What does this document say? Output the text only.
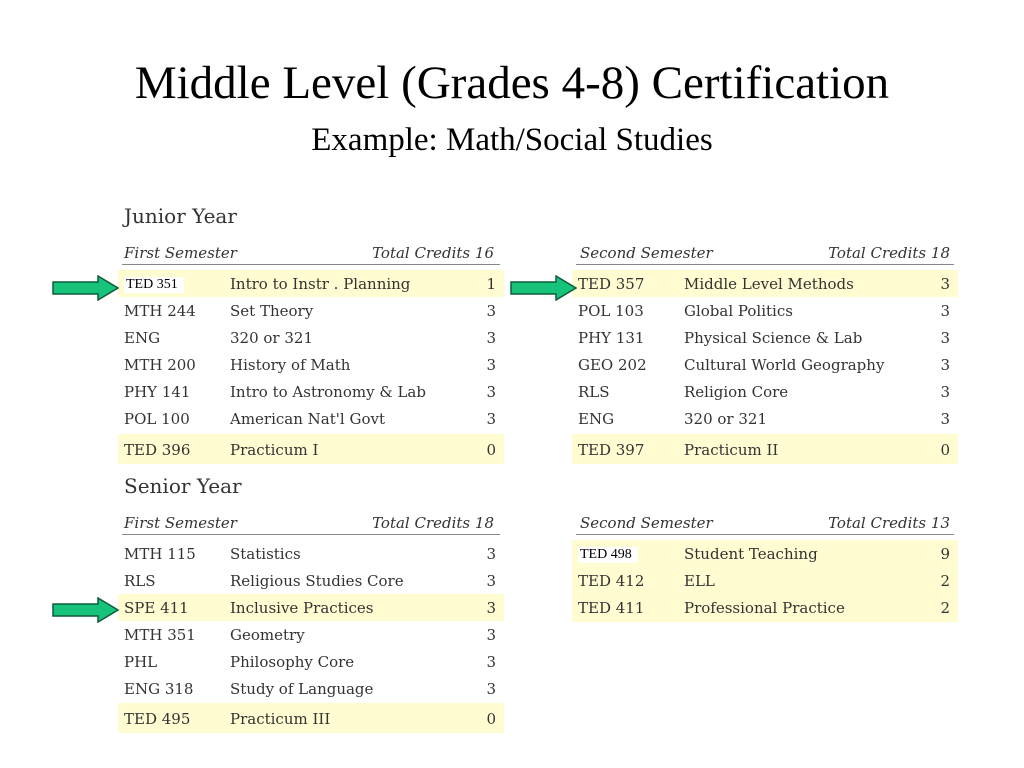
Middle Level (Grades 4-8) Certification
Example: Math/Social Studies
Junior Year
First Semester	Total Credits 16	Second Semester	Total Credits 18
TED 351	Intro to Instr . Planning	1
MTH 244 Set Theory	3
ENG	320 or 321	3
MTH 200 History of Math	3
PHY 141	Intro to Astronomy & Lab	3
POL 100	American Nat'l Govt	3
TED 396	Practicum I	0
TED 357	Middle Level Methods	3
POL 103	Global Politics	3
PHY 131	Physical Science & Lab	3
GEO 202 Cultural World Geography	3
RLS	Religion Core	3
ENG	320 or 321	3
TED 397	Practicum II	0
Senior Year
First Semester	Total Credits 18	Second Semester	Total Credits 13
MTH 115 Statistics	3
RLS	Religious Studies Core	3
SPE 411	Inclusive Practices	3
MTH 351 Geometry	3
PHL	Philosophy Core	3
ENG 318 Study of Language	3
TED 495	Practicum III	0
TED 498	Student Teaching	9
TED 412	ELL	2
TED 411	Professional Practice	2
